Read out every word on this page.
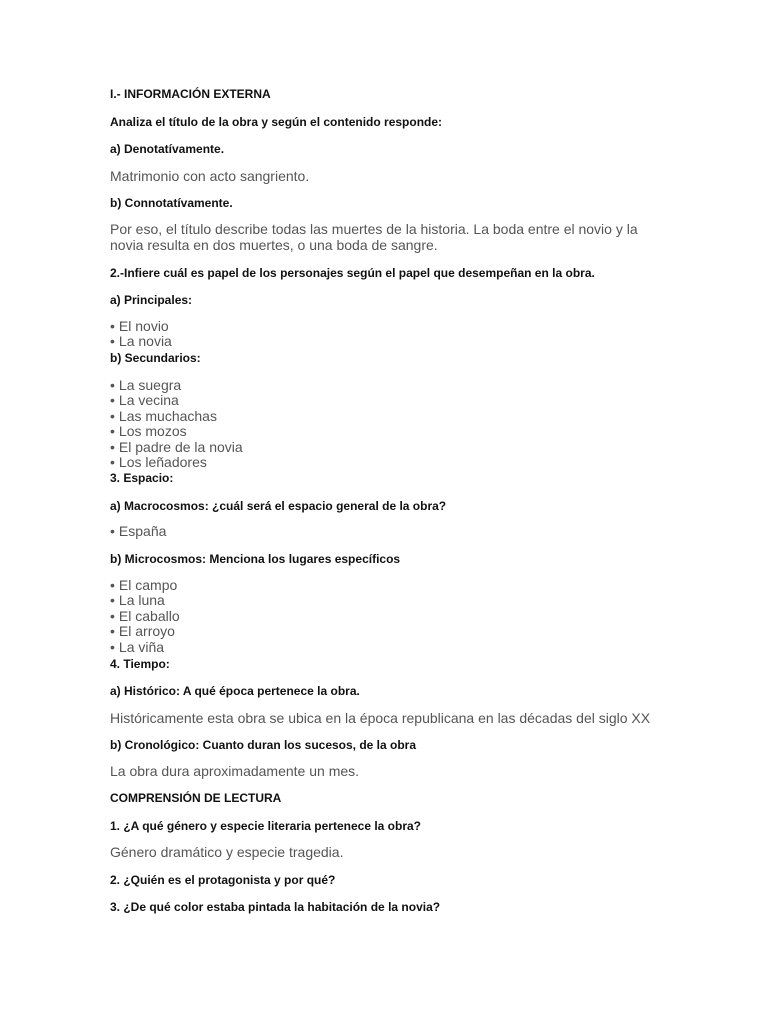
I.- INFORMACIÓN EXTERNA

Analiza el título de la obra y según el contenido responde:

a) Denotatívamente.

Matrimonio con acto sangriento.

b) Connotatívamente.

Por eso, el título describe todas las muertes de la historia. La boda entre el novio y la novia resulta en dos muertes, o una boda de sangre.

2.-Infiere cuál es papel de los personajes según el papel que desempeñan en la obra.

a) Principales:

• El novio
• La novia

b) Secundarios:

• La suegra
• La vecina
• Las muchachas
• Los mozos
• El padre de la novia
• Los leñadores

3. Espacio:

a) Macrocosmos: ¿cuál será el espacio general de la obra?

• España

b) Microcosmos: Menciona los lugares específicos

• El campo
• La luna
• El caballo
• El arroyo
• La viña

4. Tiempo:

a) Histórico: A qué época pertenece la obra.

Históricamente esta obra se ubica en la época republicana en las décadas del siglo XX

b) Cronológico: Cuanto duran los sucesos, de la obra

La obra dura aproximadamente un mes.

COMPRENSIÓN DE LECTURA

1. ¿A qué género y especie literaria pertenece la obra?

Género dramático y especie tragedia.

2. ¿Quién es el protagonista y por qué?

3. ¿De qué color estaba pintada la habitación de la novia?
